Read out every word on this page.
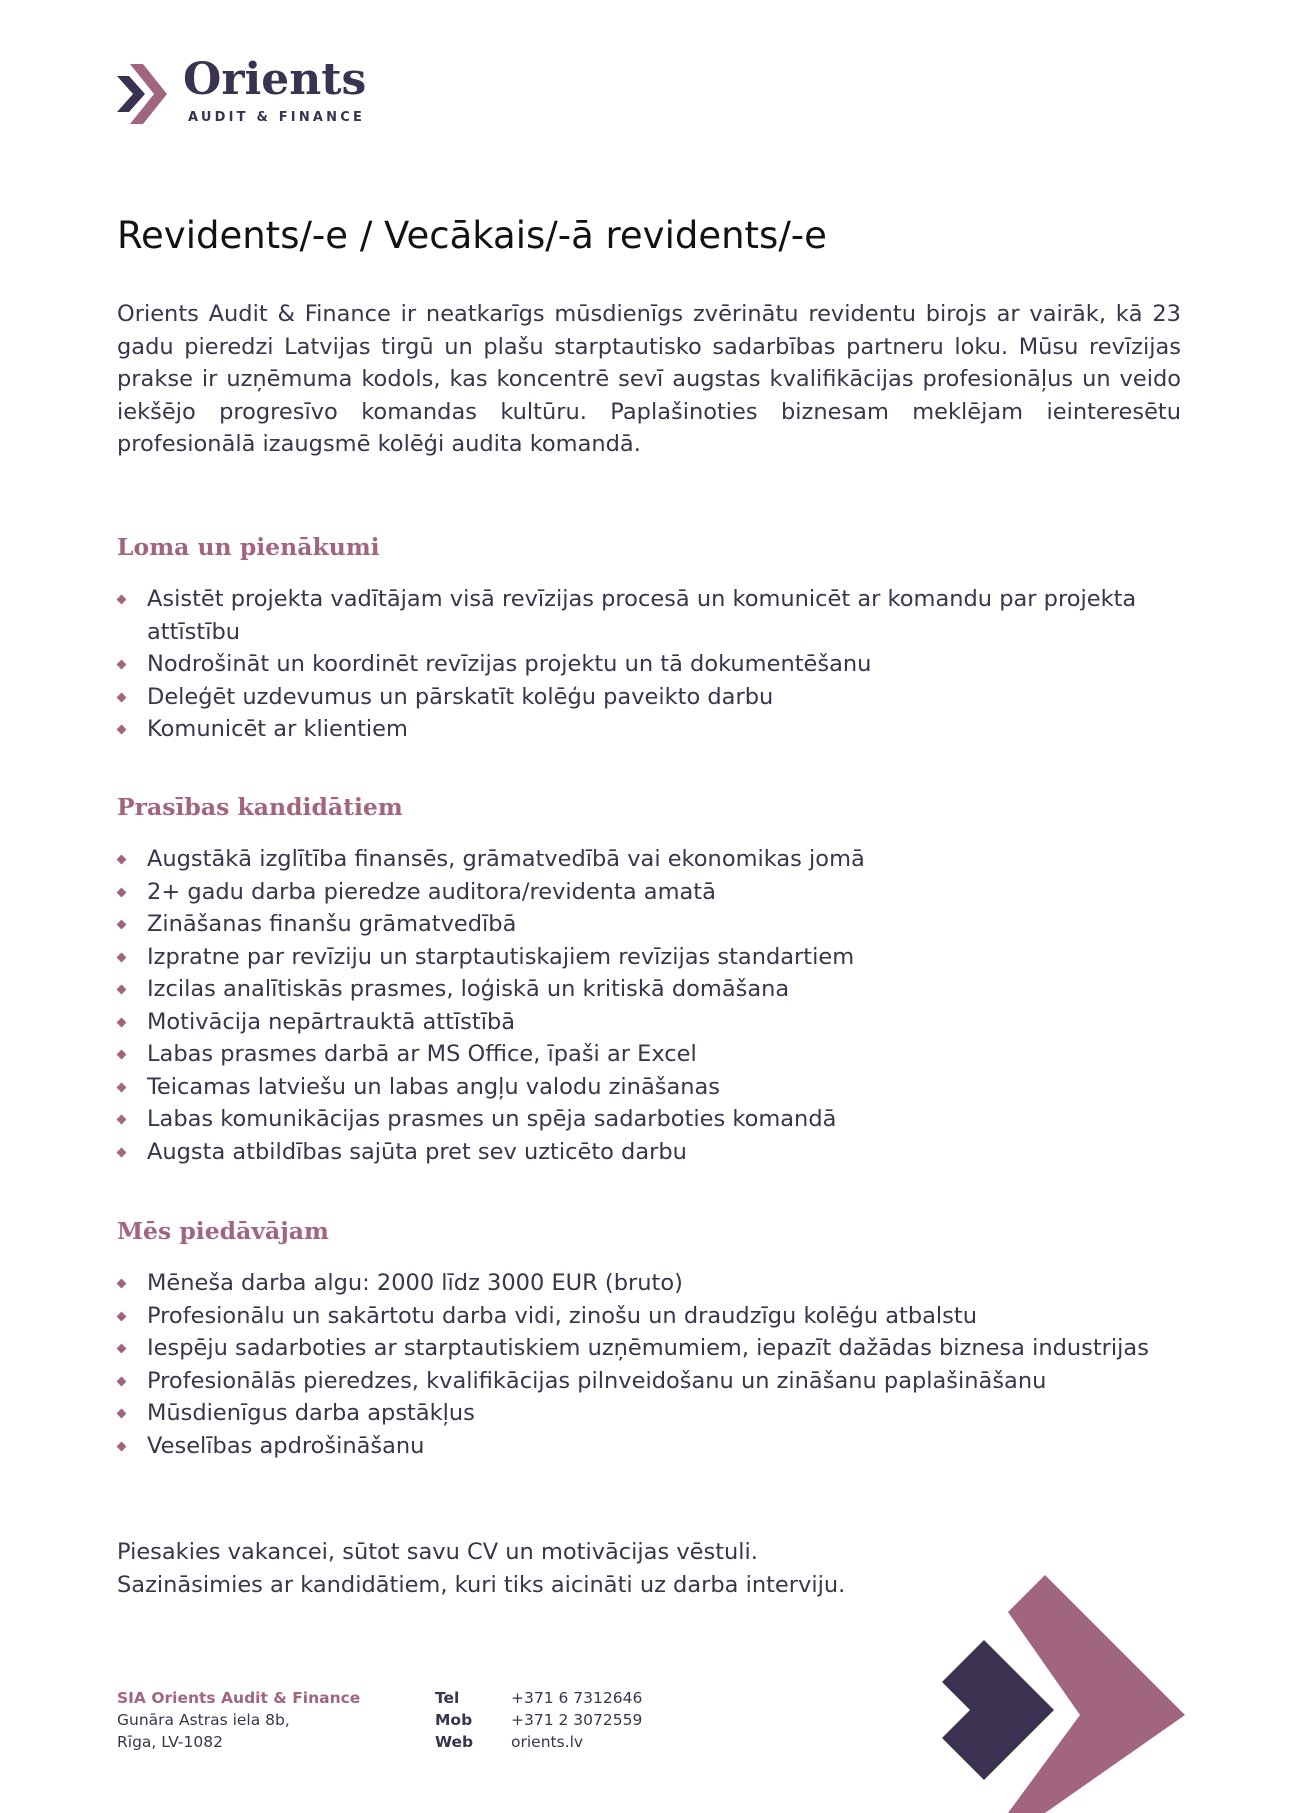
Orients
AUDIT & FINANCE
Revidents/-e / Vecākais/-ā revidents/-e

Orients Audit & Finance ir neatkarīgs mūsdienīgs zvērinātu revidentu birojs ar vairāk, kā 23 gadu pieredzi Latvijas tirgū un plašu starptautisko sadarbības partneru loku. Mūsu revīzijas prakse ir uzņēmuma kodols, kas koncentrē sevī augstas kvalifikācijas profesionāļus un veido iekšējo progresīvo komandas kultūru. Paplašinoties biznesam meklējam ieinteresētu profesionālā izaugsmē kolēģi audita komandā.

Loma un pienākumi
Asistēt projekta vadītājam visā revīzijas procesā un komunicēt ar komandu par projekta attīstību
Nodrošināt un koordinēt revīzijas projektu un tā dokumentēšanu
Deleģēt uzdevumus un pārskatīt kolēģu paveikto darbu
Komunicēt ar klientiem
Prasības kandidātiem
Augstākā izglītība finansēs, grāmatvedībā vai ekonomikas jomā
2+ gadu darba pieredze auditora/revidenta amatā
Zināšanas finanšu grāmatvedībā
Izpratne par revīziju un starptautiskajiem revīzijas standartiem
Izcilas analītiskās prasmes, loģiskā un kritiskā domāšana
Motivācija nepārtrauktā attīstībā
Labas prasmes darbā ar MS Office, īpaši ar Excel
Teicamas latviešu un labas angļu valodu zināšanas
Labas komunikācijas prasmes un spēja sadarboties komandā
Augsta atbildības sajūta pret sev uzticēto darbu
Mēs piedāvājam
Mēneša darba algu: 2000 līdz 3000 EUR (bruto)
Profesionālu un sakārtotu darba vidi, zinošu un draudzīgu kolēģu atbalstu
Iespēju sadarboties ar starptautiskiem uzņēmumiem, iepazīt dažādas biznesa industrijas
Profesionālās pieredzes, kvalifikācijas pilnveidošanu un zināšanu paplašināšanu
Mūsdienīgus darba apstākļus
Veselības apdrošināšanu
Piesakies vakancei, sūtot savu CV un motivācijas vēstuli.
Sazināsimies ar kandidātiem, kuri tiks aicināti uz darba interviju.
SIA Orients Audit & Finance
Gunāra Astras iela 8b,
Rīga, LV-1082
Tel	+371 6 7312646
Mob	+371 2 3072559
Web	orients.lv
